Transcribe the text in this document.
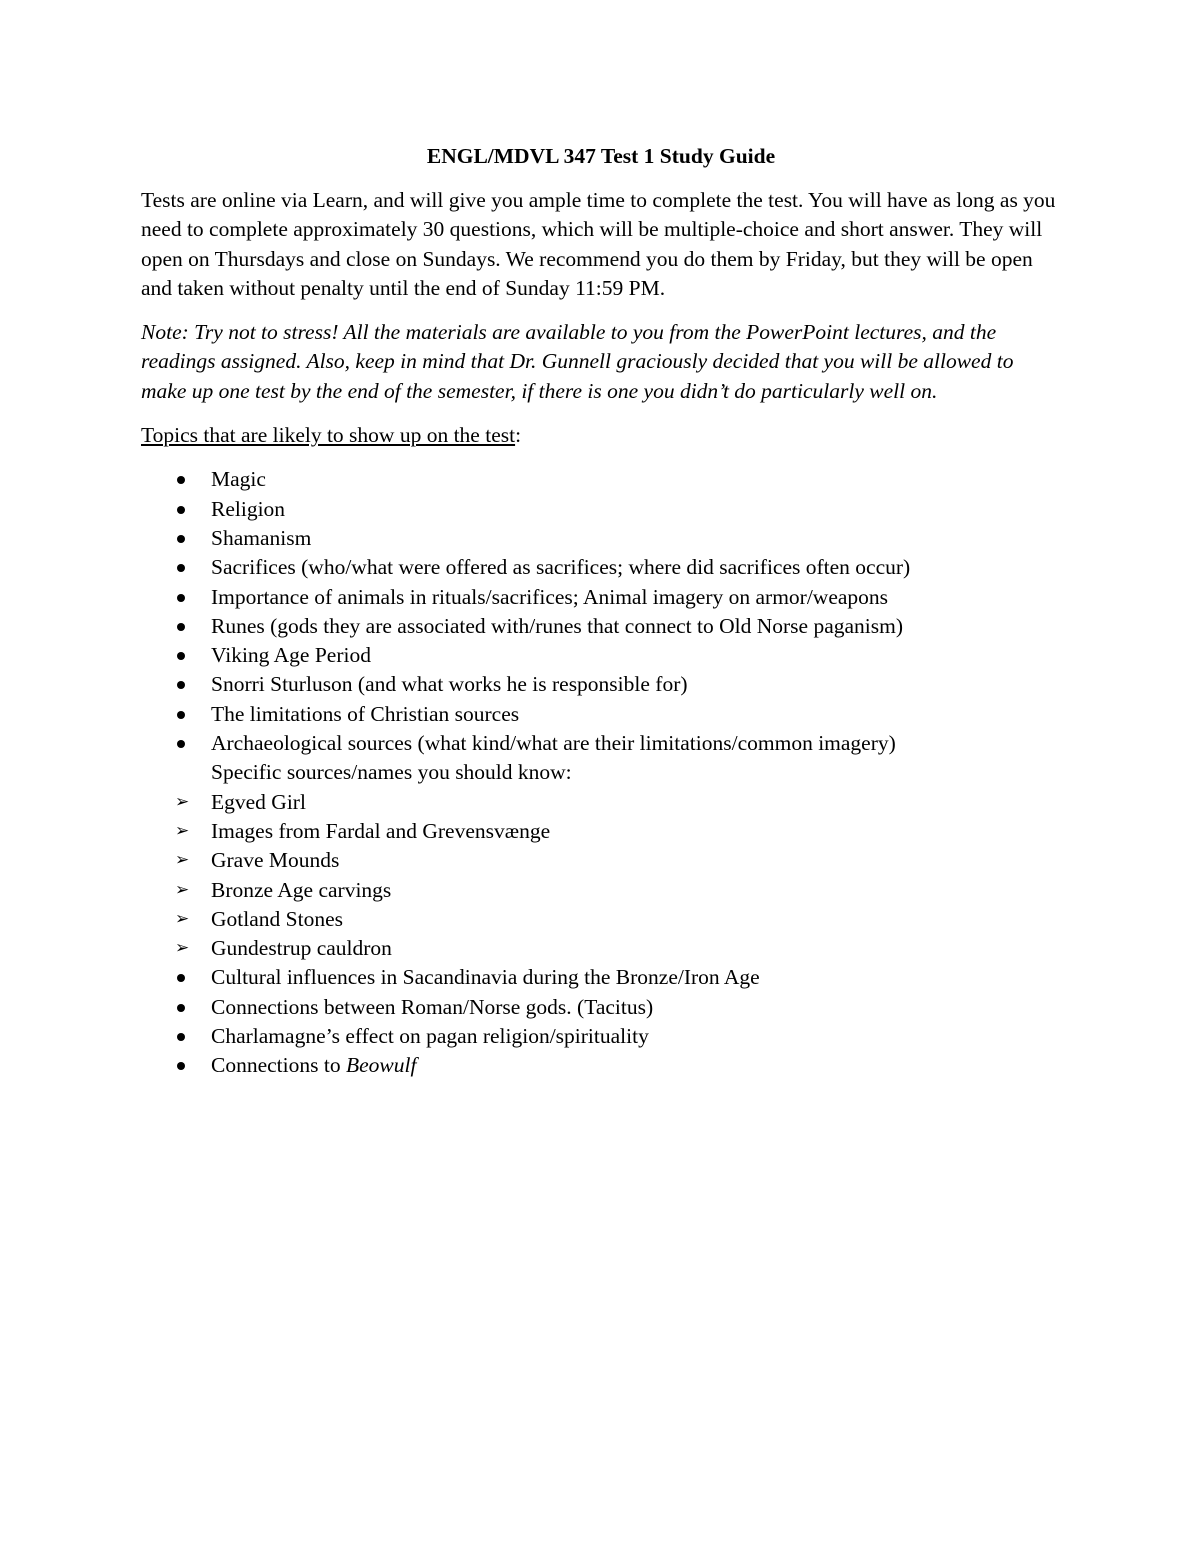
ENGL/MDVL 347 Test 1 Study Guide

Tests are online via Learn, and will give you ample time to complete the test. You will have as long as you need to complete approximately 30 questions, which will be multiple-choice and short answer. They will open on Thursdays and close on Sundays. We recommend you do them by Friday, but they will be open and taken without penalty until the end of Sunday 11:59 PM.

Note: Try not to stress! All the materials are available to you from the PowerPoint lectures, and the readings assigned. Also, keep in mind that Dr. Gunnell graciously decided that you will be allowed to make up one test by the end of the semester, if there is one you didn’t do particularly well on.

Topics that are likely to show up on the test:
Magic
Religion
Shamanism
Sacrifices (who/what were offered as sacrifices; where did sacrifices often occur)
Importance of animals in rituals/sacrifices; Animal imagery on armor/weapons
Runes (gods they are associated with/runes that connect to Old Norse paganism)
Viking Age Period
Snorri Sturluson (and what works he is responsible for)
The limitations of Christian sources
Archaeological sources (what kind/what are their limitations/common imagery)
Specific sources/names you should know:
➢ Egved Girl
➢ Images from Fardal and Grevensvænge
➢ Grave Mounds
➢ Bronze Age carvings
➢ Gotland Stones
➢ Gundestrup cauldron
Cultural influences in Sacandinavia during the Bronze/Iron Age
Connections between Roman/Norse gods. (Tacitus)
Charlamagne’s effect on pagan religion/spirituality
Connections to Beowulf
